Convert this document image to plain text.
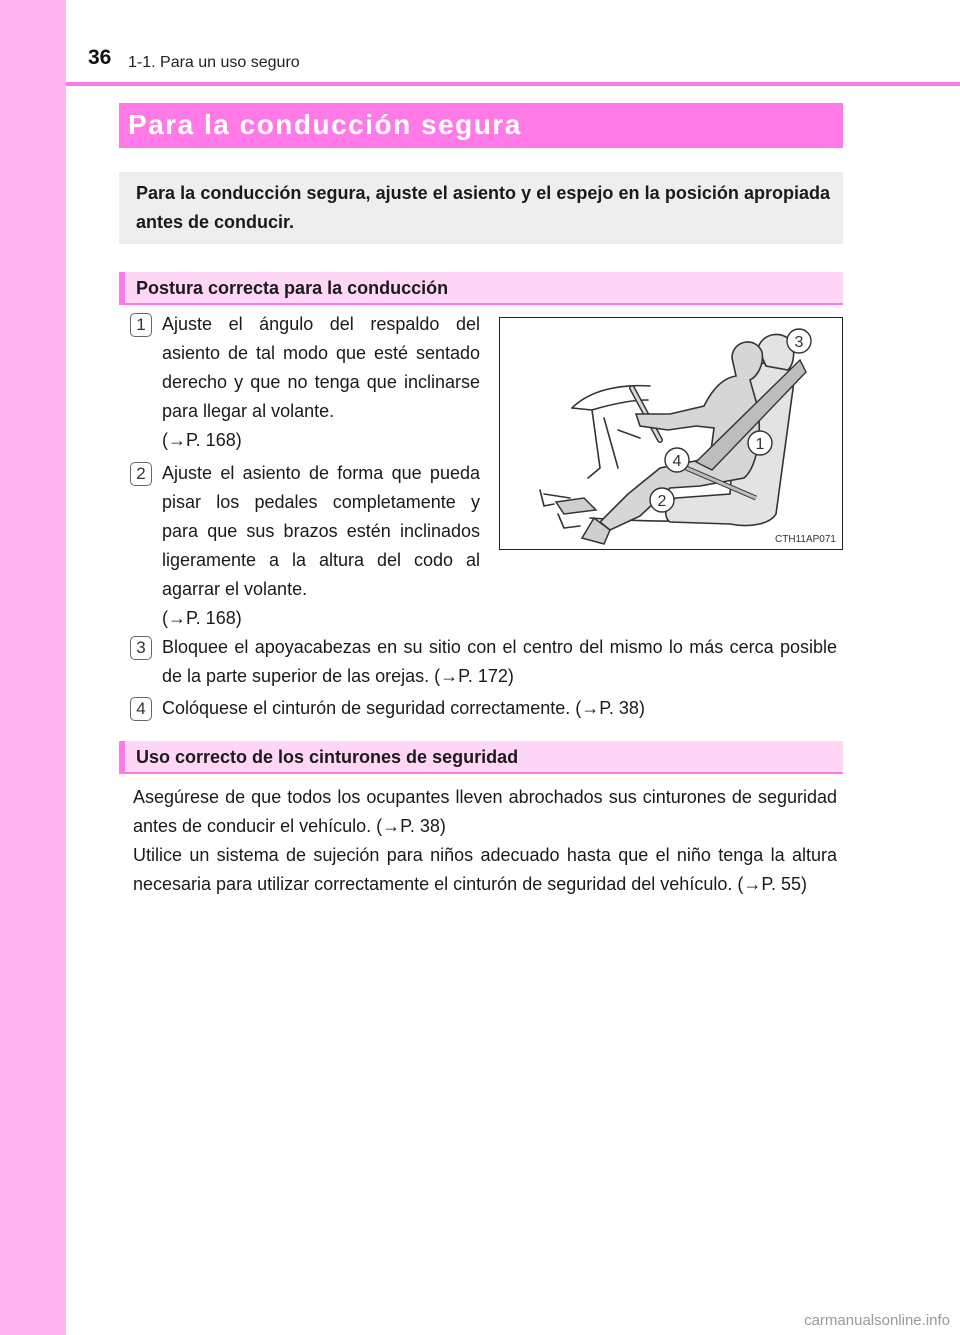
36 1-1. Para un uso seguro
Para la conducción segura
Para la conducción segura, ajuste el asiento y el espejo en la posición apropiada antes de conducir.
Postura correcta para la conducción
1 Ajuste el ángulo del respaldo del asiento de tal modo que esté sentado derecho y que no tenga que inclinarse para llegar al volante.

(→P. 168)

2 Ajuste el asiento de forma que pueda pisar los pedales completamente y para que sus brazos estén inclinados ligeramente a la altura del codo al agarrar el volante.

(→P. 168)

3
1
4
2
CTH11AP071
3 Bloquee el apoyacabezas en su sitio con el centro del mismo lo más cerca posible de la parte superior de las orejas. (→P. 172)

4 Colóquese el cinturón de seguridad correctamente. (→P. 38)

Uso correcto de los cinturones de seguridad

Asegúrese de que todos los ocupantes lleven abrochados sus cinturones de seguridad antes de conducir el vehículo. (→P. 38)

Utilice un sistema de sujeción para niños adecuado hasta que el niño tenga la altura necesaria para utilizar correctamente el cinturón de seguridad del vehículo. (→P. 55)

carmanualsonline.info
